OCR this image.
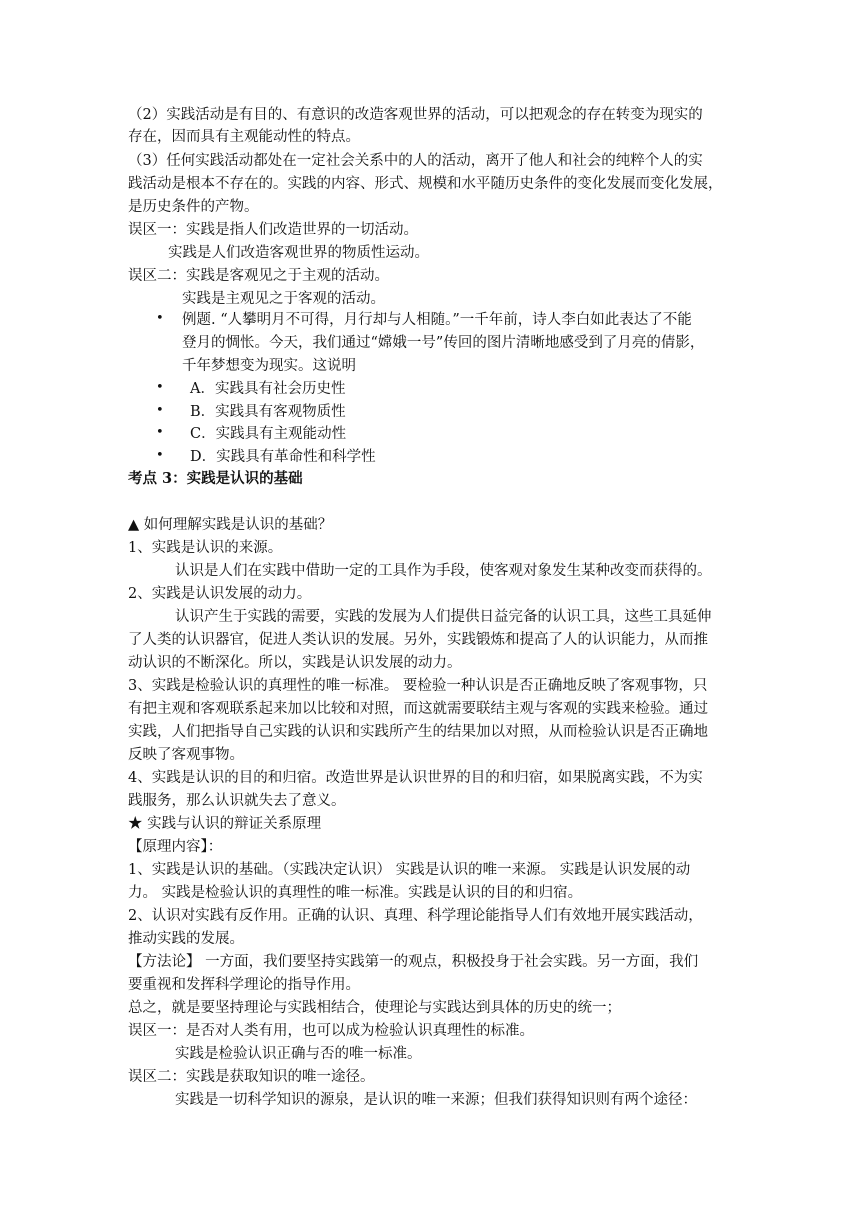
（2）实践活动是有目的、有意识的改造客观世界的活动，可以把观念的存在转变为现实的
存在，因而具有主观能动性的特点。
（3）任何实践活动都处在一定社会关系中的人的活动，离开了他人和社会的纯粹个人的实
践活动是根本不存在的。实践的内容、形式、规模和水平随历史条件的变化发展而变化发展，
是历史条件的产物。
误区一：实践是指人们改造世界的一切活动。
实践是人们改造客观世界的物质性运动。
误区二：实践是客观见之于主观的活动。
实践是主观见之于客观的活动。
• 例题. “人攀明月不可得，月行却与人相随。”一千年前，诗人李白如此表达了不能
登月的惆怅。今天，我们通过“嫦娥一号”传回的图片清晰地感受到了月亮的倩影，
千年梦想变为现实。这说明
• A．实践具有社会历史性
• B．实践具有客观物质性
• C．实践具有主观能动性
• D．实践具有革命性和科学性
考点 3：实践是认识的基础
▲ 如何理解实践是认识的基础？
1、实践是认识的来源。
认识是人们在实践中借助一定的工具作为手段，使客观对象发生某种改变而获得的。
2、实践是认识发展的动力。
认识产生于实践的需要，实践的发展为人们提供日益完备的认识工具，这些工具延伸
了人类的认识器官，促进人类认识的发展。另外，实践锻炼和提高了人的认识能力，从而推
动认识的不断深化。所以，实践是认识发展的动力。
3、实践是检验认识的真理性的唯一标准。 要检验一种认识是否正确地反映了客观事物，只
有把主观和客观联系起来加以比较和对照，而这就需要联结主观与客观的实践来检验。通过
实践，人们把指导自己实践的认识和实践所产生的结果加以对照，从而检验认识是否正确地
反映了客观事物。
4、实践是认识的目的和归宿。改造世界是认识世界的目的和归宿，如果脱离实践，不为实
践服务，那么认识就失去了意义。
★ 实践与认识的辩证关系原理
【原理内容】：
1、实践是认识的基础。（实践决定认识） 实践是认识的唯一来源。 实践是认识发展的动
力。 实践是检验认识的真理性的唯一标准。实践是认识的目的和归宿。
2、认识对实践有反作用。正确的认识、真理、科学理论能指导人们有效地开展实践活动，
推动实践的发展。
【方法论】 一方面，我们要坚持实践第一的观点，积极投身于社会实践。另一方面，我们
要重视和发挥科学理论的指导作用。
总之，就是要坚持理论与实践相结合，使理论与实践达到具体的历史的统一；
误区一：是否对人类有用，也可以成为检验认识真理性的标准。
实践是检验认识正确与否的唯一标准。
误区二：实践是获取知识的唯一途径。
实践是一切科学知识的源泉，是认识的唯一来源；但我们获得知识则有两个途径：
